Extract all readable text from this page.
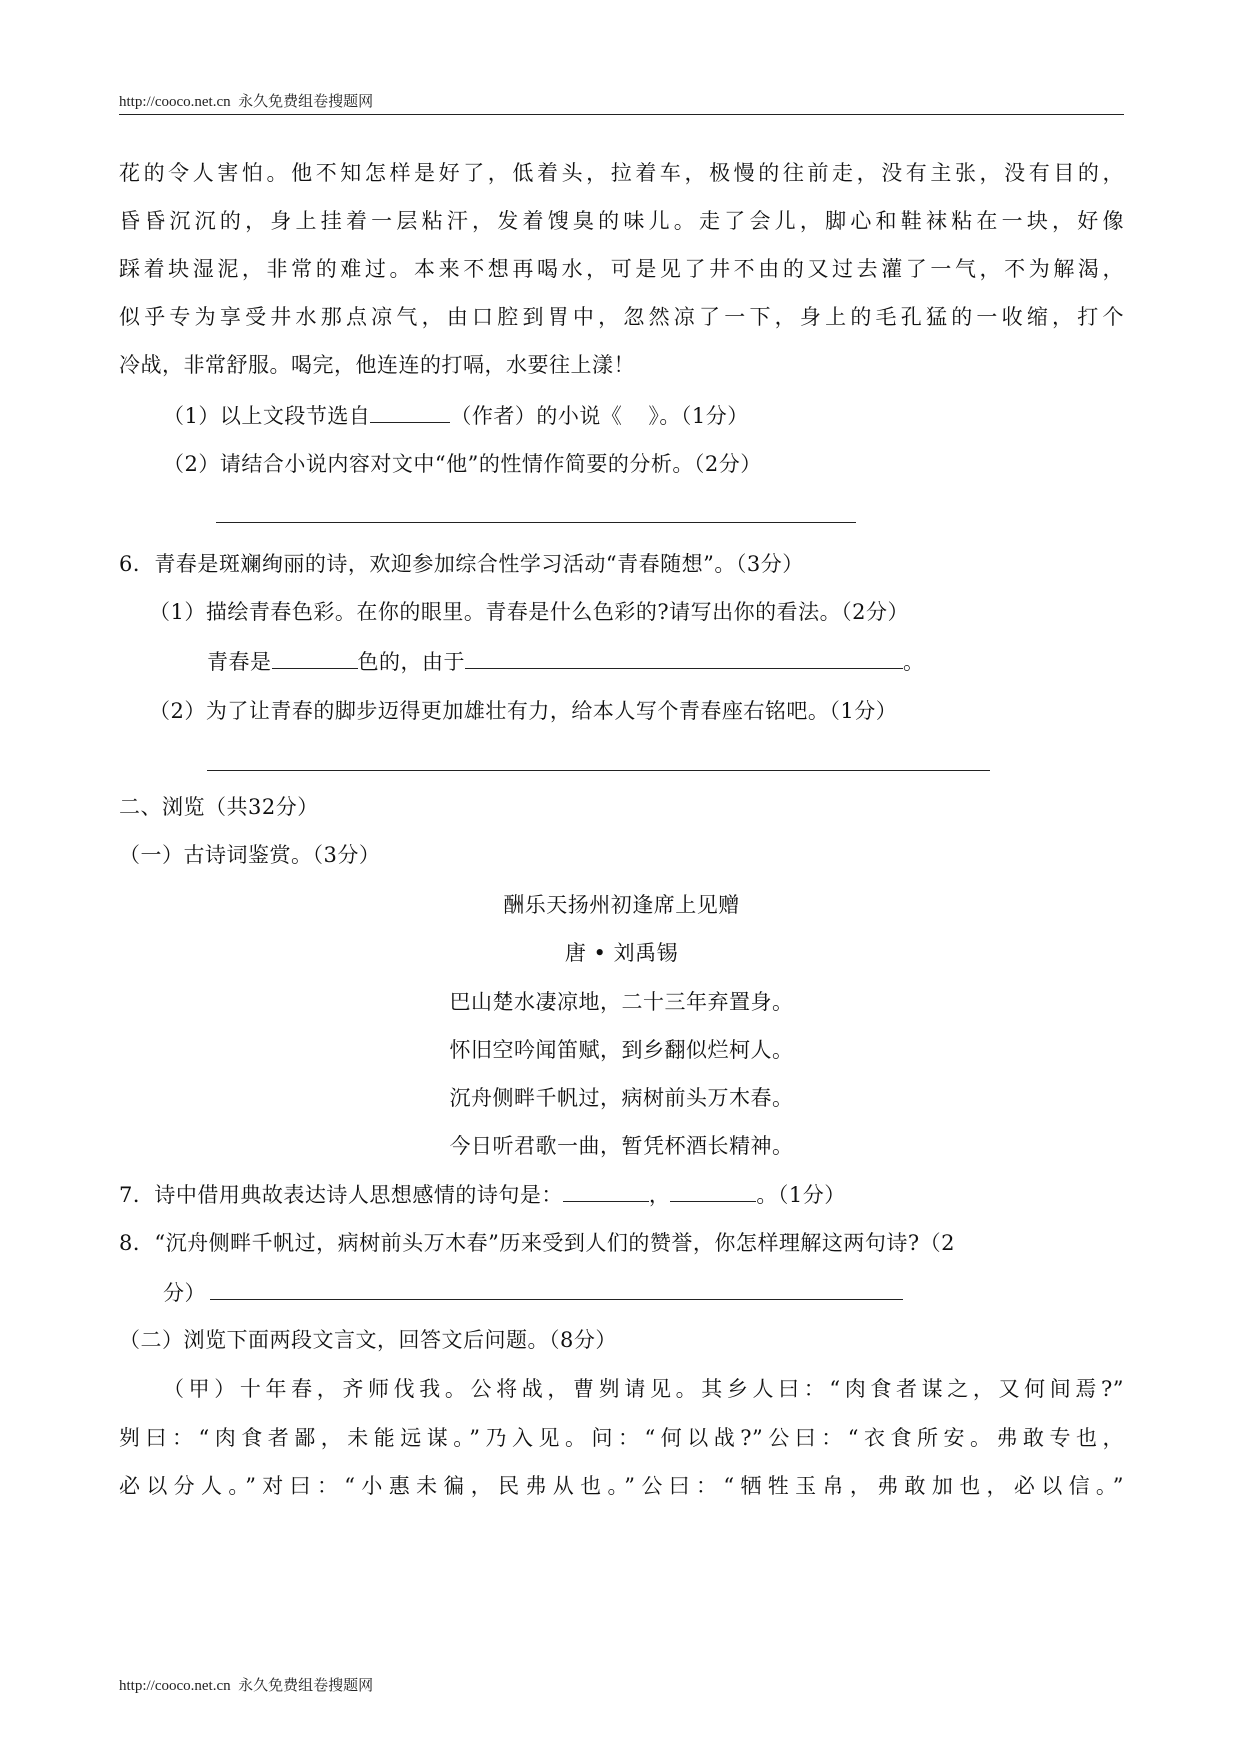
http://cooco.net.cn 永久免费组卷搜题网
花的令人害怕。他不知怎样是好了，低着头，拉着车，极慢的往前走，没有主张，没有目的，
昏昏沉沉的，身上挂着一层粘汗，发着馊臭的味儿。走了会儿，脚心和鞋袜粘在一块，好像
踩着块湿泥，非常的难过。本来不想再喝水，可是见了井不由的又过去灌了一气，不为解渴，
似乎专为享受井水那点凉气，由口腔到胃中，忽然凉了一下，身上的毛孔猛的一收缩，打个
冷战，非常舒服。喝完，他连连的打嗝，水要往上漾！
（1）以上文段节选自	（作者）的小说《 》。（1分）
（2）请结合小说内容对文中“他”的性情作简要的分析。（2分）
6．青春是斑斓绚丽的诗，欢迎参加综合性学习活动“青春随想”。（3分）
（1）描绘青春色彩。在你的眼里。青春是什么色彩的?请写出你的看法。（2分）
青春是	色的，由于	。
（2）为了让青春的脚步迈得更加雄壮有力，给本人写个青春座右铭吧。（1分）
二、浏览（共32分）
（一）古诗词鉴赏。（3分）
酬乐天扬州初逢席上见赠
唐 • 刘禹锡
巴山楚水凄凉地，二十三年弃置身。
怀旧空吟闻笛赋，到乡翻似烂柯人。
沉舟侧畔千帆过，病树前头万木春。
今日听君歌一曲，暂凭杯酒长精神。
7．诗中借用典故表达诗人思想感情的诗句是：	，	。（1分）
8．“沉舟侧畔千帆过，病树前头万木春”历来受到人们的赞誉，你怎样理解这两句诗?（2
分）
（二）浏览下面两段文言文，回答文后问题。（8分）
（甲）十年春，齐师伐我。公将战，曹刿请见。其乡人曰：“肉食者谋之，又何间焉?”
刿曰：“肉食者鄙，未能远谋。”乃入见。问：“何以战?”公曰：“衣食所安。弗敢专也，
必以分人。”对曰：“小惠未徧，民弗从也。”公曰：“牺牲玉帛，弗敢加也，必以信。”
http://cooco.net.cn 永久免费组卷搜题网
